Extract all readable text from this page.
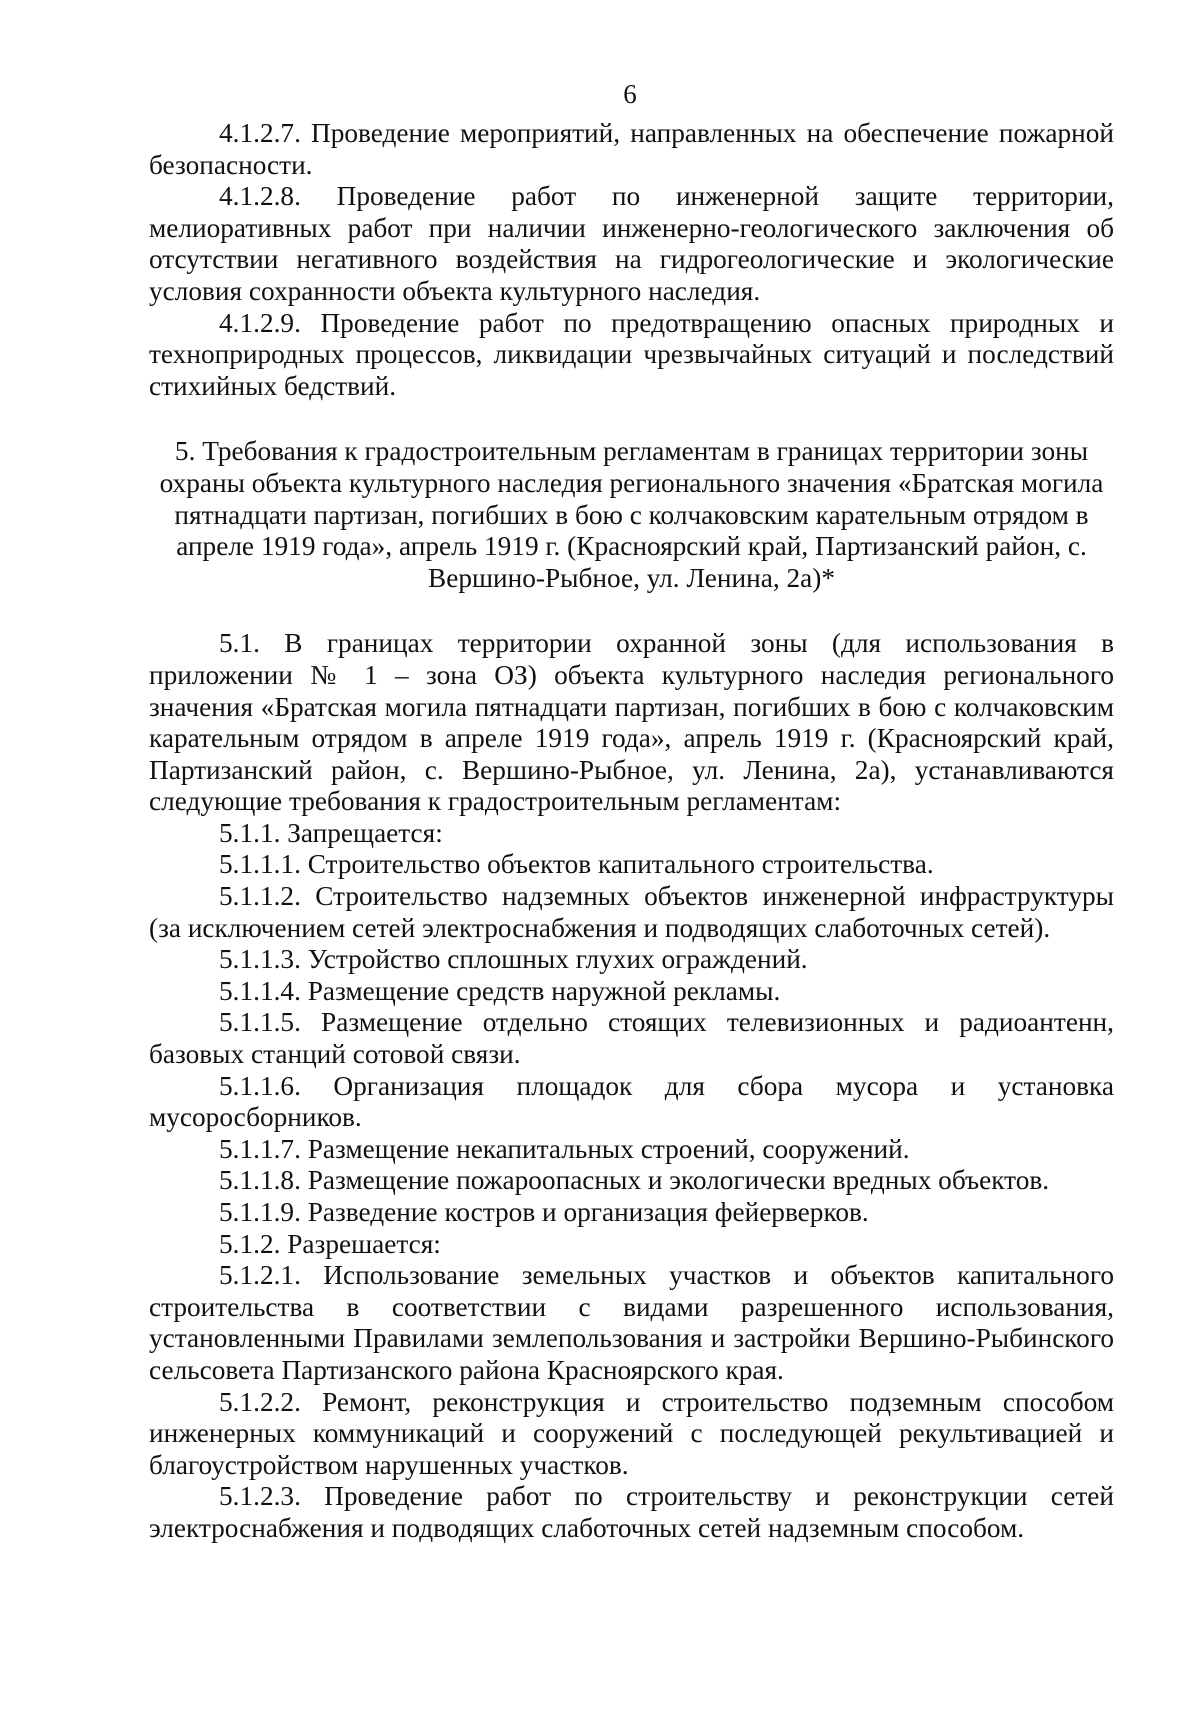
6

4.1.2.7. Проведение мероприятий, направленных на обеспечение пожарной безопасности.

4.1.2.8. Проведение работ по инженерной защите территории, мелиоративных работ при наличии инженерно-геологического заключения об отсутствии негативного воздействия на гидрогеологические и экологические условия сохранности объекта культурного наследия.

4.1.2.9. Проведение работ по предотвращению опасных природных и техноприродных процессов, ликвидации чрезвычайных ситуаций и последствий стихийных бедствий.

5. Требования к градостроительным регламентам в границах территории зоны охраны объекта культурного наследия регионального значения «Братская могила пятнадцати партизан, погибших в бою с колчаковским карательным отрядом в апреле 1919 года», апрель 1919 г. (Красноярский край, Партизанский район, с. Вершино-Рыбное, ул. Ленина, 2а)*

5.1. В границах территории охранной зоны (для использования в приложении № 1 – зона ОЗ) объекта культурного наследия регионального значения «Братская могила пятнадцати партизан, погибших в бою с колчаковским карательным отрядом в апреле 1919 года», апрель 1919 г. (Красноярский край, Партизанский район, с. Вершино-Рыбное, ул. Ленина, 2а), устанавливаются следующие требования к градостроительным регламентам:

5.1.1. Запрещается:

5.1.1.1. Строительство объектов капитального строительства.

5.1.1.2. Строительство надземных объектов инженерной инфраструктуры (за исключением сетей электроснабжения и подводящих слаботочных сетей).

5.1.1.3. Устройство сплошных глухих ограждений.

5.1.1.4. Размещение средств наружной рекламы.

5.1.1.5. Размещение отдельно стоящих телевизионных и радиоантенн, базовых станций сотовой связи.

5.1.1.6. Организация площадок для сбора мусора и установка мусоросборников.

5.1.1.7. Размещение некапитальных строений, сооружений.

5.1.1.8. Размещение пожароопасных и экологически вредных объектов.

5.1.1.9. Разведение костров и организация фейерверков.

5.1.2. Разрешается:

5.1.2.1. Использование земельных участков и объектов капитального строительства в соответствии с видами разрешенного использования, установленными Правилами землепользования и застройки Вершино-Рыбинского сельсовета Партизанского района Красноярского края.

5.1.2.2. Ремонт, реконструкция и строительство подземным способом инженерных коммуникаций и сооружений с последующей рекультивацией и благоустройством нарушенных участков.

5.1.2.3. Проведение работ по строительству и реконструкции сетей электроснабжения и подводящих слаботочных сетей надземным способом.
